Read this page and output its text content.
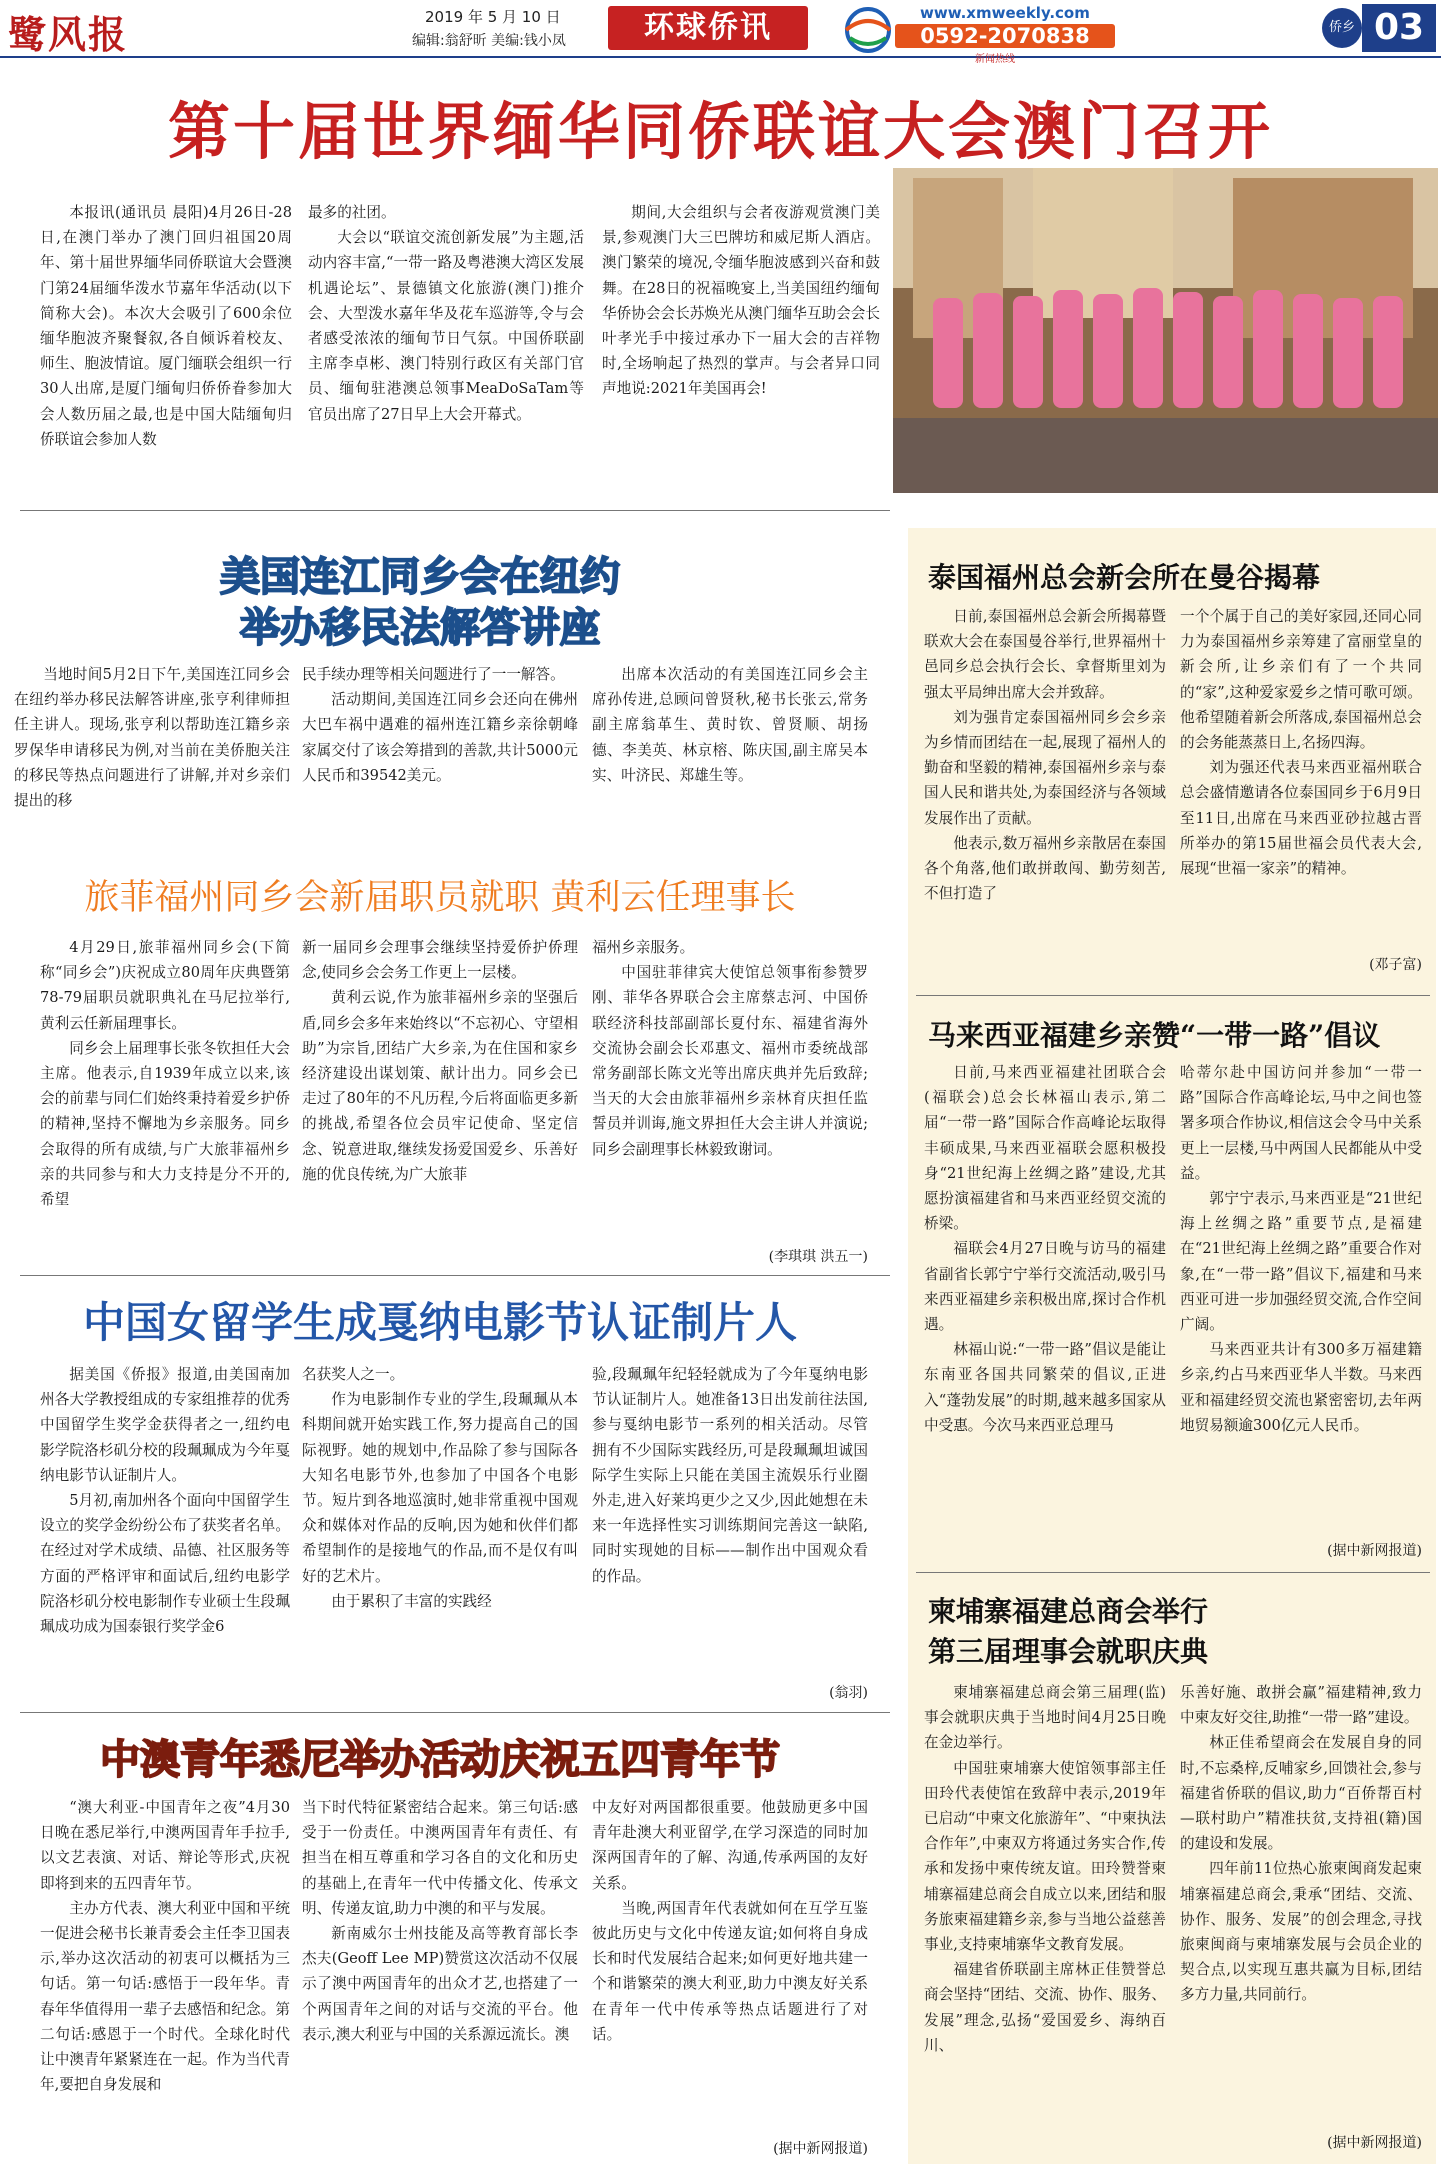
鹭风报	2019 年 5 月 10 日
编辑:翁舒昕 美编:钱小凤	环球侨讯	www.xmweekly.com
0592-2070838
新闻热线
侨乡 03
第十届世界缅华同侨联谊大会澳门召开

本报讯(通讯员 晨阳)4月26日-28日,在澳门举办了澳门回归祖国20周年、第十届世界缅华同侨联谊大会暨澳门第24届缅华泼水节嘉年华活动(以下简称大会)。本次大会吸引了600余位缅华胞波齐聚餐叙,各自倾诉着校友、师生、胞波情谊。厦门缅联会组织一行30人出席,是厦门缅甸归侨侨眷参加大会人数历届之最,也是中国大陆缅甸归侨联谊会参加人数

最多的社团。

大会以“联谊交流创新发展”为主题,活动内容丰富,“一带一路及粤港澳大湾区发展机遇论坛”、景德镇文化旅游(澳门)推介会、大型泼水嘉年华及花车巡游等,令与会者感受浓浓的缅甸节日气氛。中国侨联副主席李卓彬、澳门特别行政区有关部门官员、缅甸驻港澳总领事MeaDoSaTam等官员出席了27日早上大会开幕式。

期间,大会组织与会者夜游观赏澳门美景,参观澳门大三巴牌坊和威尼斯人酒店。澳门繁荣的境况,令缅华胞波感到兴奋和鼓舞。在28日的祝福晚宴上,当美国纽约缅甸华侨协会会长苏焕光从澳门缅华互助会会长叶孝光手中接过承办下一届大会的吉祥物时,全场响起了热烈的掌声。与会者异口同声地说:2021年美国再会!

美国连江同乡会在纽约
举办移民法解答讲座

当地时间5月2日下午,美国连江同乡会在纽约举办移民法解答讲座,张亨利律师担任主讲人。现场,张亨利以帮助连江籍乡亲罗保华申请移民为例,对当前在美侨胞关注的移民等热点问题进行了讲解,并对乡亲们提出的移

民手续办理等相关问题进行了一一解答。

活动期间,美国连江同乡会还向在佛州大巴车祸中遇难的福州连江籍乡亲徐朝峰家属交付了该会筹措到的善款,共计5000元人民币和39542美元。

出席本次活动的有美国连江同乡会主席孙传进,总顾问曾贤秋,秘书长张云,常务副主席翁革生、黄时钦、曾贤顺、胡扬德、李美英、林京榕、陈庆国,副主席吴本实、叶济民、郑雄生等。

旅菲福州同乡会新届职员就职 黄利云任理事长

4月29日,旅菲福州同乡会(下简称“同乡会”)庆祝成立80周年庆典暨第78-79届职员就职典礼在马尼拉举行,黄利云任新届理事长。

同乡会上届理事长张冬钦担任大会主席。他表示,自1939年成立以来,该会的前辈与同仁们始终秉持着爱乡护侨的精神,坚持不懈地为乡亲服务。同乡会取得的所有成绩,与广大旅菲福州乡亲的共同参与和大力支持是分不开的,希望

新一届同乡会理事会继续坚持爱侨护侨理念,使同乡会会务工作更上一层楼。

黄利云说,作为旅菲福州乡亲的坚强后盾,同乡会多年来始终以“不忘初心、守望相助”为宗旨,团结广大乡亲,为在住国和家乡经济建设出谋划策、献计出力。同乡会已走过了80年的不凡历程,今后将面临更多新的挑战,希望各位会员牢记使命、坚定信念、锐意进取,继续发扬爱国爱乡、乐善好施的优良传统,为广大旅菲

福州乡亲服务。

中国驻菲律宾大使馆总领事衔参赞罗刚、菲华各界联合会主席蔡志河、中国侨联经济科技部副部长夏付东、福建省海外交流协会副会长邓惠文、福州市委统战部常务副部长陈文光等出席庆典并先后致辞;当天的大会由旅菲福州乡亲林育庆担任监誓员并训诲,施文界担任大会主讲人并演说;同乡会副理事长林毅致谢词。

(李琪琪 洪五一)
中国女留学生成戛纳电影节认证制片人

据美国《侨报》报道,由美国南加州各大学教授组成的专家组推荐的优秀中国留学生奖学金获得者之一,纽约电影学院洛杉矶分校的段珮珮成为今年戛纳电影节认证制片人。

5月初,南加州各个面向中国留学生设立的奖学金纷纷公布了获奖者名单。在经过对学术成绩、品德、社区服务等方面的严格评审和面试后,纽约电影学院洛杉矶分校电影制作专业硕士生段珮珮成功成为国泰银行奖学金6

名获奖人之一。

作为电影制作专业的学生,段珮珮从本科期间就开始实践工作,努力提高自己的国际视野。她的规划中,作品除了参与国际各大知名电影节外,也参加了中国各个电影节。短片到各地巡演时,她非常重视中国观众和媒体对作品的反响,因为她和伙伴们都希望制作的是接地气的作品,而不是仅有叫好的艺术片。

由于累积了丰富的实践经

验,段珮珮年纪轻轻就成为了今年戛纳电影节认证制片人。她准备13日出发前往法国,参与戛纳电影节一系列的相关活动。尽管拥有不少国际实践经历,可是段珮珮坦诚国际学生实际上只能在美国主流娱乐行业圈外走,进入好莱坞更少之又少,因此她想在未来一年选择性实习训练期间完善这一缺陷,同时实现她的目标——制作出中国观众看的作品。

(翁羽)
中澳青年悉尼举办活动庆祝五四青年节

“澳大利亚-中国青年之夜”4月30日晚在悉尼举行,中澳两国青年手拉手,以文艺表演、对话、辩论等形式,庆祝即将到来的五四青年节。

主办方代表、澳大利亚中国和平统一促进会秘书长兼青委会主任李卫国表示,举办这次活动的初衷可以概括为三句话。第一句话:感悟于一段年华。青春年华值得用一辈子去感悟和纪念。第二句话:感恩于一个时代。全球化时代让中澳青年紧紧连在一起。作为当代青年,要把自身发展和

当下时代特征紧密结合起来。第三句话:感受于一份责任。中澳两国青年有责任、有担当在相互尊重和学习各自的文化和历史的基础上,在青年一代中传播文化、传承文明、传递友谊,助力中澳的和平与发展。

新南威尔士州技能及高等教育部长李杰夫(Geoff Lee MP)赞赏这次活动不仅展示了澳中两国青年的出众才艺,也搭建了一个两国青年之间的对话与交流的平台。他表示,澳大利亚与中国的关系源远流长。澳

中友好对两国都很重要。他鼓励更多中国青年赴澳大利亚留学,在学习深造的同时加深两国青年的了解、沟通,传承两国的友好关系。

当晚,两国青年代表就如何在互学互鉴彼此历史与文化中传递友谊;如何将自身成长和时代发展结合起来;如何更好地共建一个和谐繁荣的澳大利亚,助力中澳友好关系在青年一代中传承等热点话题进行了对话。

(据中新网报道)
泰国福州总会新会所在曼谷揭幕

日前,泰国福州总会新会所揭幕暨联欢大会在泰国曼谷举行,世界福州十邑同乡总会执行会长、拿督斯里刘为强太平局绅出席大会并致辞。

刘为强肯定泰国福州同乡会乡亲为乡情而团结在一起,展现了福州人的勤奋和坚毅的精神,泰国福州乡亲与泰国人民和谐共处,为泰国经济与各领域发展作出了贡献。

他表示,数万福州乡亲散居在泰国各个角落,他们敢拼敢闯、勤劳刻苦,不但打造了

一个个属于自己的美好家园,还同心同力为泰国福州乡亲筹建了富丽堂皇的新会所,让乡亲们有了一个共同的“家”,这种爱家爱乡之情可歌可颂。他希望随着新会所落成,泰国福州总会的会务能蒸蒸日上,名扬四海。

刘为强还代表马来西亚福州联合总会盛情邀请各位泰国同乡于6月9日至11日,出席在马来西亚砂拉越古晋所举办的第15届世福会员代表大会,展现“世福一家亲”的精神。

(邓子富)
马来西亚福建乡亲赞“一带一路”倡议

日前,马来西亚福建社团联合会(福联会)总会长林福山表示,第二届“一带一路”国际合作高峰论坛取得丰硕成果,马来西亚福联会愿积极投身“21世纪海上丝绸之路”建设,尤其愿扮演福建省和马来西亚经贸交流的桥梁。

福联会4月27日晚与访马的福建省副省长郭宁宁举行交流活动,吸引马来西亚福建乡亲积极出席,探讨合作机遇。

林福山说:“一带一路”倡议是能让东南亚各国共同繁荣的倡议,正进入“蓬勃发展”的时期,越来越多国家从中受惠。今次马来西亚总理马

哈蒂尔赴中国访问并参加“一带一路”国际合作高峰论坛,马中之间也签署多项合作协议,相信这会令马中关系更上一层楼,马中两国人民都能从中受益。

郭宁宁表示,马来西亚是“21世纪海上丝绸之路”重要节点,是福建在“21世纪海上丝绸之路”重要合作对象,在“一带一路”倡议下,福建和马来西亚可进一步加强经贸交流,合作空间广阔。

马来西亚共计有300多万福建籍乡亲,约占马来西亚华人半数。马来西亚和福建经贸交流也紧密密切,去年两地贸易额逾300亿元人民币。

(据中新网报道)
柬埔寨福建总商会举行
第三届理事会就职庆典

柬埔寨福建总商会第三届理(监)事会就职庆典于当地时间4月25日晚在金边举行。

中国驻柬埔寨大使馆领事部主任田玲代表使馆在致辞中表示,2019年已启动“中柬文化旅游年”、“中柬执法合作年”,中柬双方将通过务实合作,传承和发扬中柬传统友谊。田玲赞誉柬埔寨福建总商会自成立以来,团结和服务旅柬福建籍乡亲,参与当地公益慈善事业,支持柬埔寨华文教育发展。

福建省侨联副主席林正佳赞誉总商会坚持“团结、交流、协作、服务、发展”理念,弘扬“爱国爱乡、海纳百川、

乐善好施、敢拼会赢”福建精神,致力中柬友好交往,助推“一带一路”建设。

林正佳希望商会在发展自身的同时,不忘桑梓,反哺家乡,回馈社会,参与福建省侨联的倡议,助力“百侨帮百村—联村助户”精准扶贫,支持祖(籍)国的建设和发展。

四年前11位热心旅柬闽商发起柬埔寨福建总商会,秉承“团结、交流、协作、服务、发展”的创会理念,寻找旅柬闽商与柬埔寨发展与会员企业的契合点,以实现互惠共赢为目标,团结多方力量,共同前行。

(据中新网报道)
